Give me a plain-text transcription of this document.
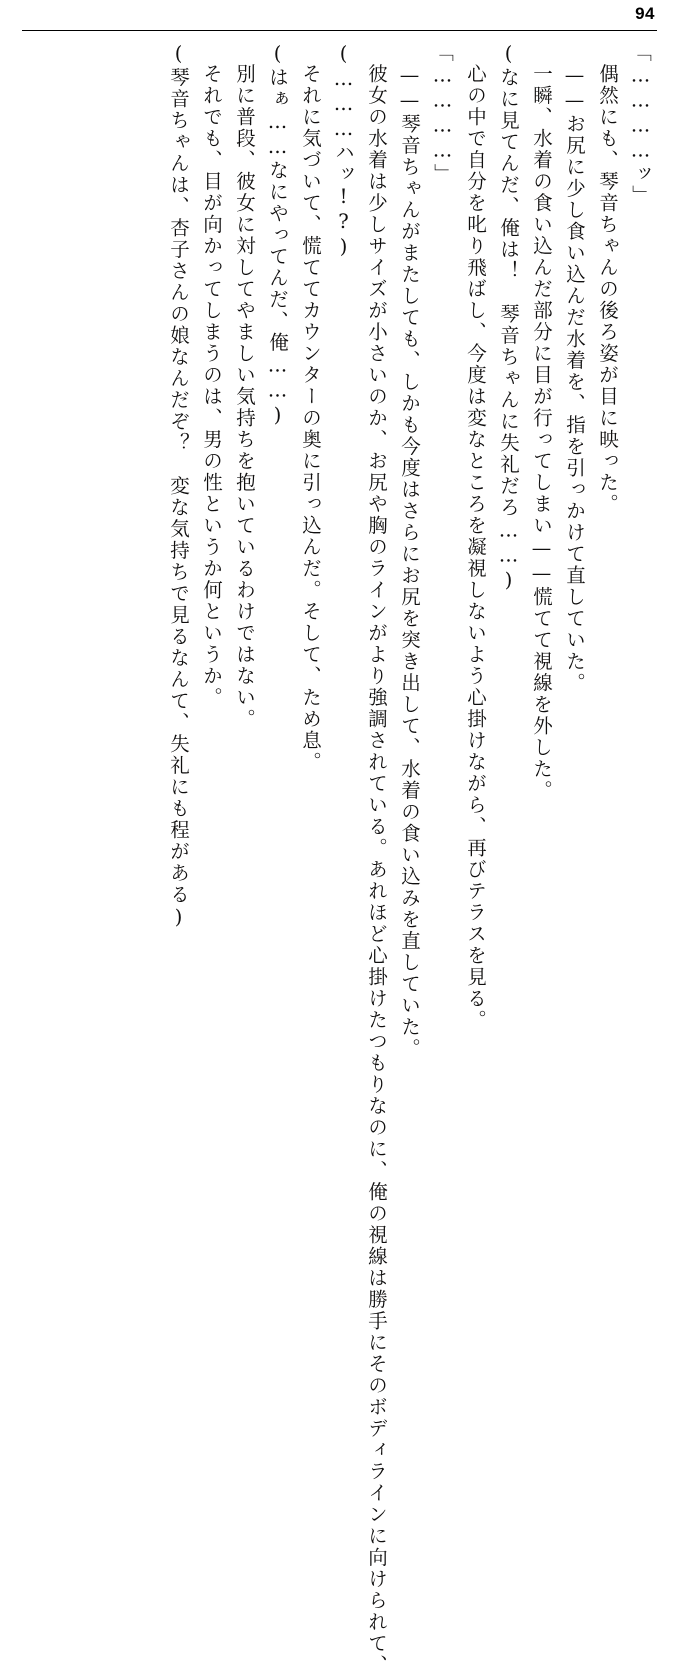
94
「…………ッ」
　偶然にも、琴音ちゃんの後ろ姿が目に映った。
　——お尻に少し食い込んだ水着を、指を引っかけて直していた。
　一瞬、水着の食い込んだ部分に目が行ってしまい——慌てて視線を外した。
(なに見てんだ、俺は！　琴音ちゃんに失礼だろ……)
　心の中で自分を叱り飛ばし、今度は変なところを凝視しないよう心掛けながら、再びテラスを見る。
「…………」
　——琴音ちゃんがまたしても、しかも今度はさらにお尻を突き出して、水着の食い込みを直していた。
　彼女の水着は少しサイズが小さいのか、お尻や胸のラインがより強調されている。あれほど心掛けたつもりなのに、俺の視線は勝手にそのボディラインに向けられて、
(………ハッ!?)
　それに気づいて、慌ててカウンターの奥に引っ込んだ。そして、ため息。
(はぁ……なにやってんだ、俺……)
　別に普段、彼女に対してやましい気持ちを抱いているわけではない。
　それでも、目が向かってしまうのは、男の性というか何というか。
(琴音ちゃんは、杏子さんの娘なんだぞ？　変な気持ちで見るなんて、失礼にも程がある)
